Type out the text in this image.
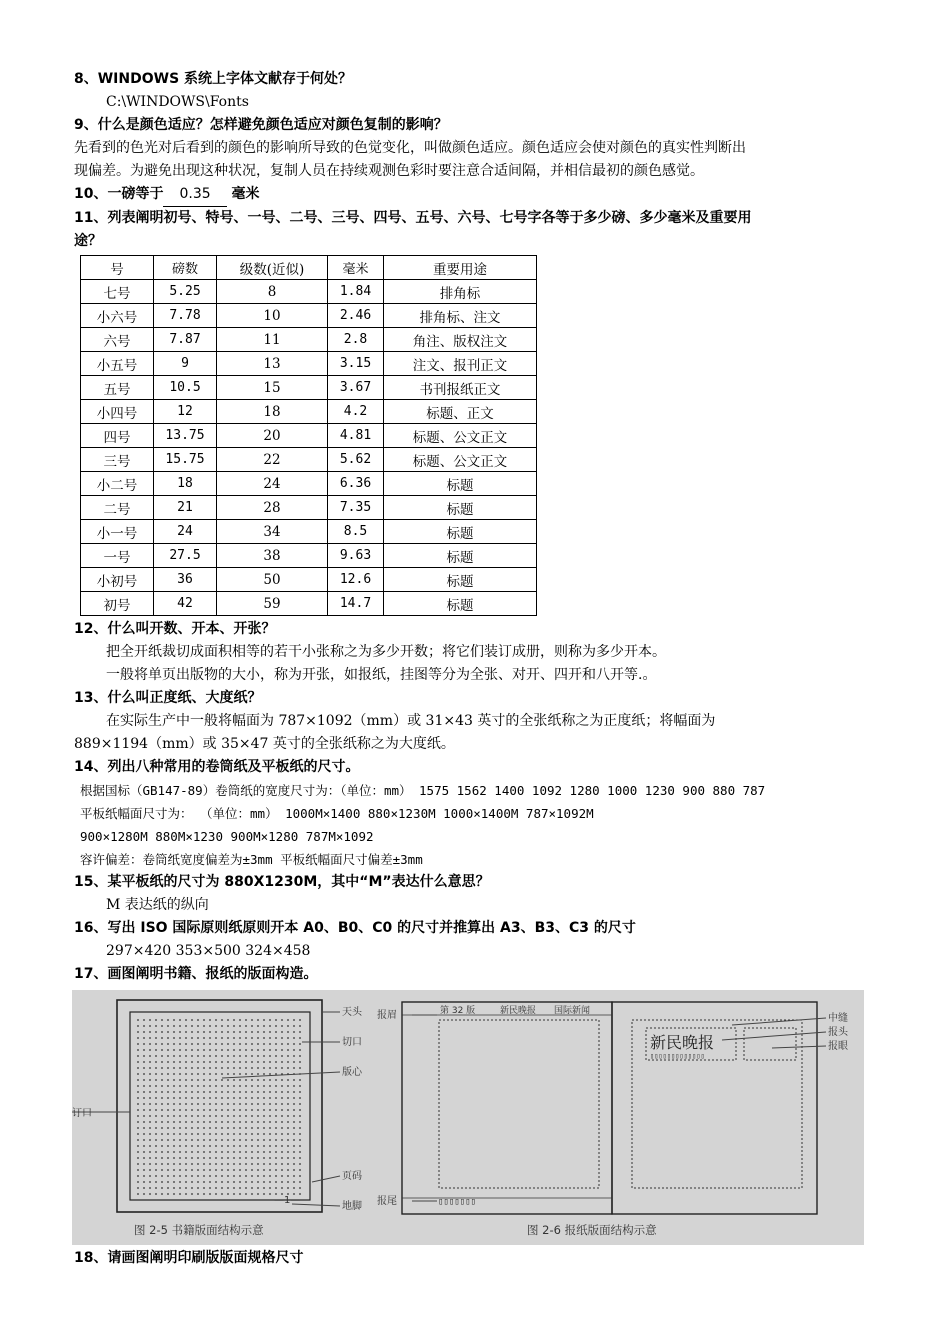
8、WINDOWS 系统上字体文献存于何处？

C:\WINDOWS\Fonts

9、什么是颜色适应？怎样避免颜色适应对颜色复制的影响？

先看到的色光对后看到的颜色的影响所导致的色觉变化，叫做颜色适应。颜色适应会使对颜色的真实性判断出

现偏差。为避免出现这种状况，复制人员在持续观测色彩时要注意合适间隔，并相信最初的颜色感觉。

10、一磅等于 0.35 毫米

11、列表阐明初号、特号、一号、二号、三号、四号、五号、六号、七号字各等于多少磅、多少毫米及重要用

途？

号	磅数	级数(近似)	毫米	重要用途
七号	5.25	8	1.84	排角标
小六号	7.78	10	2.46	排角标、注文
六号	7.87	11	2.8	角注、版权注文
小五号	9	13	3.15	注文、报刊正文
五号	10.5	15	3.67	书刊报纸正文
小四号	12	18	4.2	标题、正文
四号	13.75	20	4.81	标题、公文正文
三号	15.75	22	5.62	标题、公文正文
小二号	18	24	6.36	标题
二号	21	28	7.35	标题
小一号	24	34	8.5	标题
一号	27.5	38	9.63	标题
小初号	36	50	12.6	标题
初号	42	59	14.7	标题

12、什么叫开数、开本、开张？

把全开纸裁切成面积相等的若干小张称之为多少开数；将它们装订成册，则称为多少开本。

一般将单页出版物的大小，称为开张，如报纸，挂图等分为全张、对开、四开和八开等.。

13、什么叫正度纸、大度纸？

在实际生产中一般将幅面为 787×1092（mm）或 31×43 英寸的全张纸称之为正度纸；将幅面为

889×1194（mm）或 35×47 英寸的全张纸称之为大度纸。

14、列出八种常用的卷筒纸及平板纸的尺寸。

根据国标（GB147-89）卷筒纸的宽度尺寸为：（单位：mm） 1575 1562 1400 1092 1280 1000 1230 900 880 787

平板纸幅面尺寸为： （单位：mm） 1000M×1400 880×1230M 1000×1400M 787×1092M

900×1280M 880M×1230 900M×1280 787M×1092

容许偏差：卷筒纸宽度偏差为±3mm 平板纸幅面尺寸偏差±3mm

15、某平板纸的尺寸为 880X1230M，其中“M”表达什么意思？

M 表达纸的纵向

16、写出 ISO 国际原则纸原则开本 A0、B0、C0 的尺寸并推算出 A3、B3、C3 的尺寸

297×420 353×500 324×458

17、画图阐明书籍、报纸的版面构造。

天头
切口
版心
订口
页码
地脚
—1—
图 2-5 书籍版面结构示意
报眉	第 32 版	新民晚报 国际新闻
报尾	▯▯▯▯▯▯▯
中缝
报头
报眼
新民晚报
▯▯▯▯▯▯▯▯▯▯▯▯▯
图 2-6 报纸版面结构示意

18、请画图阐明印刷版版面规格尺寸
